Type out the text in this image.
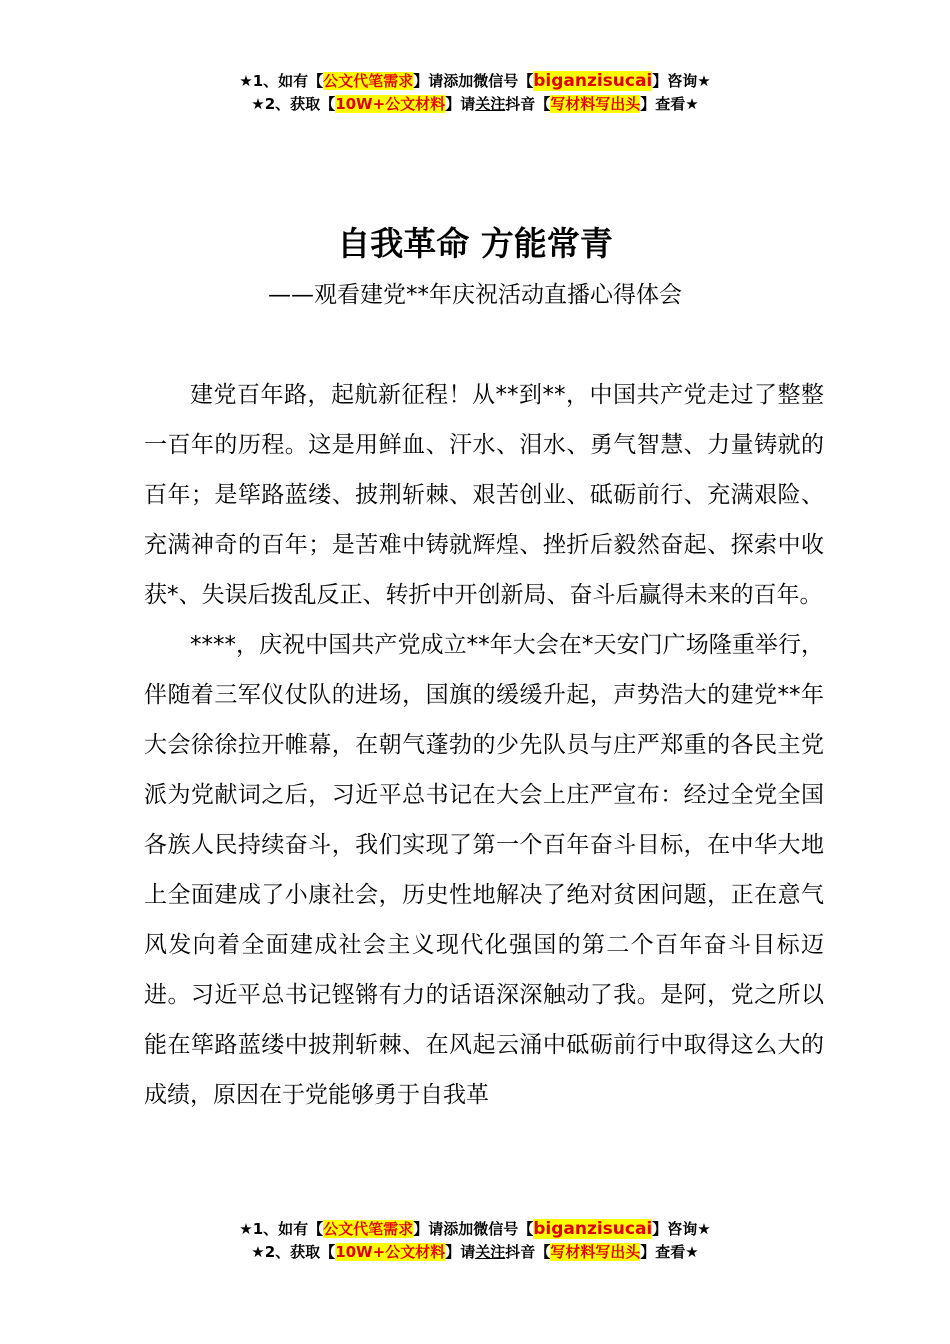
★1、如有【公文代笔需求】请添加微信号【biganzisucai】咨询★
★2、获取【10W+公文材料】请关注抖音【写材料写出头】查看★
自我革命 方能常青
——观看建党**年庆祝活动直播心得体会

建党百年路，起航新征程！从**到**，中国共产党走过了整整一百年的历程。这是用鲜血、汗水、泪水、勇气智慧、力量铸就的百年；是筚路蓝缕、披荆斩棘、艰苦创业、砥砺前行、充满艰险、充满神奇的百年；是苦难中铸就辉煌、挫折后毅然奋起、探索中收获*、失误后拨乱反正、转折中开创新局、奋斗后赢得未来的百年。

****，庆祝中国共产党成立**年大会在*天安门广场隆重举行，伴随着三军仪仗队的进场，国旗的缓缓升起，声势浩大的建党**年大会徐徐拉开帷幕，在朝气蓬勃的少先队员与庄严郑重的各民主党派为党献词之后，习近平总书记在大会上庄严宣布：经过全党全国各族人民持续奋斗，我们实现了第一个百年奋斗目标，在中华大地上全面建成了小康社会，历史性地解决了绝对贫困问题，正在意气风发向着全面建成社会主义现代化强国的第二个百年奋斗目标迈进。习近平总书记铿锵有力的话语深深触动了我。是阿，党之所以能在筚路蓝缕中披荆斩棘、在风起云涌中砥砺前行中取得这么大的成绩，原因在于党能够勇于自我革

★1、如有【公文代笔需求】请添加微信号【biganzisucai】咨询★
★2、获取【10W+公文材料】请关注抖音【写材料写出头】查看★
